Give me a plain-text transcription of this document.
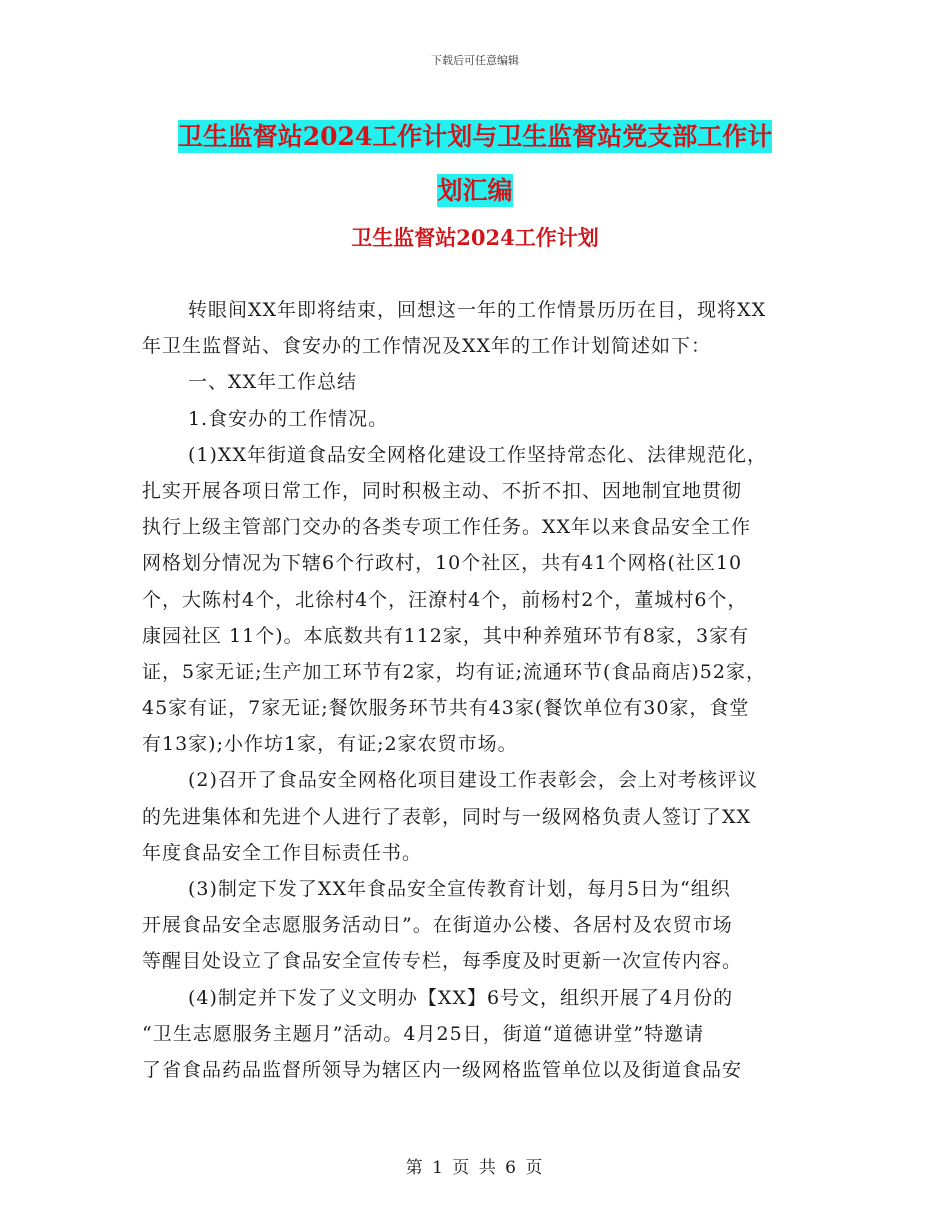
下载后可任意编辑
卫生监督站2024工作计划与卫生监督站党支部工作计
划汇编
卫生监督站2024工作计划
转眼间XX年即将结束，回想这一年的工作情景历历在目，现将XX
年卫生监督站、食安办的工作情况及XX年的工作计划简述如下：
一、XX年工作总结
1.食安办的工作情况。
(1)XX年街道食品安全网格化建设工作坚持常态化、法律规范化，
扎实开展各项日常工作，同时积极主动、不折不扣、因地制宜地贯彻
执行上级主管部门交办的各类专项工作任务。XX年以来食品安全工作
网格划分情况为下辖6个行政村，10个社区，共有41个网格(社区10
个，大陈村4个，北徐村4个，汪潦村4个，前杨村2个，董城村6个，
康园社区 11个)。本底数共有112家，其中种养殖环节有8家，3家有
证，5家无证;生产加工环节有2家，均有证;流通环节(食品商店)52家，
45家有证，7家无证;餐饮服务环节共有43家(餐饮单位有30家，食堂
有13家);小作坊1家，有证;2家农贸市场。
(2)召开了食品安全网格化项目建设工作表彰会，会上对考核评议
的先进集体和先进个人进行了表彰，同时与一级网格负责人签订了XX
年度食品安全工作目标责任书。
(3)制定下发了XX年食品安全宣传教育计划，每月5日为“组织
开展食品安全志愿服务活动日”。在街道办公楼、各居村及农贸市场
等醒目处设立了食品安全宣传专栏，每季度及时更新一次宣传内容。
(4)制定并下发了义文明办【XX】6号文，组织开展了4月份的
“卫生志愿服务主题月”活动。4月25日，街道“道德讲堂”特邀请
了省食品药品监督所领导为辖区内一级网格监管单位以及街道食品安
第 1 页 共 6 页
